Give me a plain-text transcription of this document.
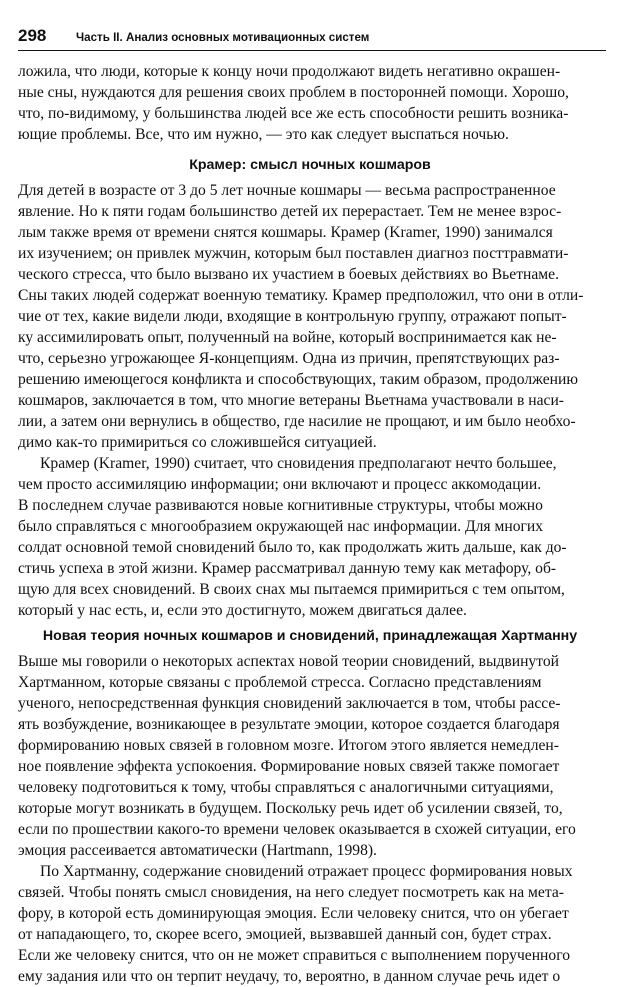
298	Часть II. Анализ основных мотивационных систем
ложила, что люди, которые к концу ночи продолжают видеть негативно окрашен-
ные сны, нуждаются для решения своих проблем в посторонней помощи. Хорошо,
что, по-видимому, у большинства людей все же есть способности решить возника-
ющие проблемы. Все, что им нужно, — это как следует выспаться ночью.
Крамер: смысл ночных кошмаров
Для детей в возрасте от 3 до 5 лет ночные кошмары — весьма распространенное
явление. Но к пяти годам большинство детей их перерастает. Тем не менее взрос-
лым также время от времени снятся кошмары. Крамер (Kramer, 1990) занимался
их изучением; он привлек мужчин, которым был поставлен диагноз посттравмати-
ческого стресса, что было вызвано их участием в боевых действиях во Вьетнаме.
Сны таких людей содержат военную тематику. Крамер предположил, что они в отли-
чие от тех, какие видели люди, входящие в контрольную группу, отражают попыт-
ку ассимилировать опыт, полученный на войне, который воспринимается как не-
что, серьезно угрожающее Я-концепциям. Одна из причин, препятствующих раз-
решению имеющегося конфликта и способствующих, таким образом, продолжению
кошмаров, заключается в том, что многие ветераны Вьетнама участвовали в наси-
лии, а затем они вернулись в общество, где насилие не прощают, и им было необхо-
димо как-то примириться со сложившейся ситуацией.
Крамер (Kramer, 1990) считает, что сновидения предполагают нечто большее,
чем просто ассимиляцию информации; они включают и процесс аккомодации.
В последнем случае развиваются новые когнитивные структуры, чтобы можно
было справляться с многообразием окружающей нас информации. Для многих
солдат основной темой сновидений было то, как продолжать жить дальше, как до-
стичь успеха в этой жизни. Крамер рассматривал данную тему как метафору, об-
щую для всех сновидений. В своих снах мы пытаемся примириться с тем опытом,
который у нас есть, и, если это достигнуто, можем двигаться далее.
Новая теория ночных кошмаров и сновидений, принадлежащая Хартманну
Выше мы говорили о некоторых аспектах новой теории сновидений, выдвинутой
Хартманном, которые связаны с проблемой стресса. Согласно представлениям
ученого, непосредственная функция сновидений заключается в том, чтобы рассе-
ять возбуждение, возникающее в результате эмоции, которое создается благодаря
формированию новых связей в головном мозге. Итогом этого является немедлен-
ное появление эффекта успокоения. Формирование новых связей также помогает
человеку подготовиться к тому, чтобы справляться с аналогичными ситуациями,
которые могут возникать в будущем. Поскольку речь идет об усилении связей, то,
если по прошествии какого-то времени человек оказывается в схожей ситуации, его
эмоция рассеивается автоматически (Hartmann, 1998).
По Хартманну, содержание сновидений отражает процесс формирования новых
связей. Чтобы понять смысл сновидения, на него следует посмотреть как на мета-
фору, в которой есть доминирующая эмоция. Если человеку снится, что он убегает
от нападающего, то, скорее всего, эмоцией, вызвавшей данный сон, будет страх.
Если же человеку снится, что он не может справиться с выполнением порученного
ему задания или что он терпит неудачу, то, вероятно, в данном случае речь идет о
